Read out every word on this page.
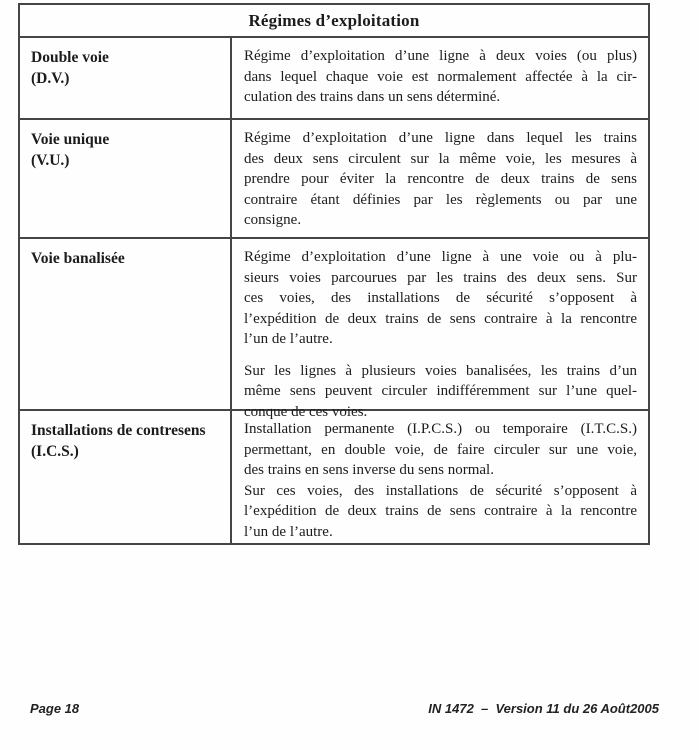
Régimes d’exploitation
Double voie
(D.V.)
Régime d’exploitation d’une ligne à deux voies (ou plus)
dans lequel chaque voie est normalement affectée à la cir-
culation des trains dans un sens déterminé.
Voie unique
(V.U.)
Régime d’exploitation d’une ligne dans lequel les trains
des deux sens circulent sur la même voie, les mesures à
prendre pour éviter la rencontre de deux trains de sens
contraire étant définies par les règlements ou par une
consigne.
Voie banalisée	Régime d’exploitation d’une ligne à une voie ou à plu-
sieurs voies parcourues par les trains des deux sens. Sur
ces voies, des installations de sécurité s’opposent à
l’expédition de deux trains de sens contraire à la rencontre
l’un de l’autre.
Sur les lignes à plusieurs voies banalisées, les trains d’un
même sens peuvent circuler indifféremment sur l’une quel-
conque de ces voies.
Installations de contresens
(I.C.S.)
Installation permanente (I.P.C.S.) ou temporaire (I.T.C.S.)
permettant, en double voie, de faire circuler sur une voie,
des trains en sens inverse du sens normal.
Sur ces voies, des installations de sécurité s’opposent à
l’expédition de deux trains de sens contraire à la rencontre
l’un de l’autre.
Page 18	IN 1472  –  Version 11 du 26 Août2005
